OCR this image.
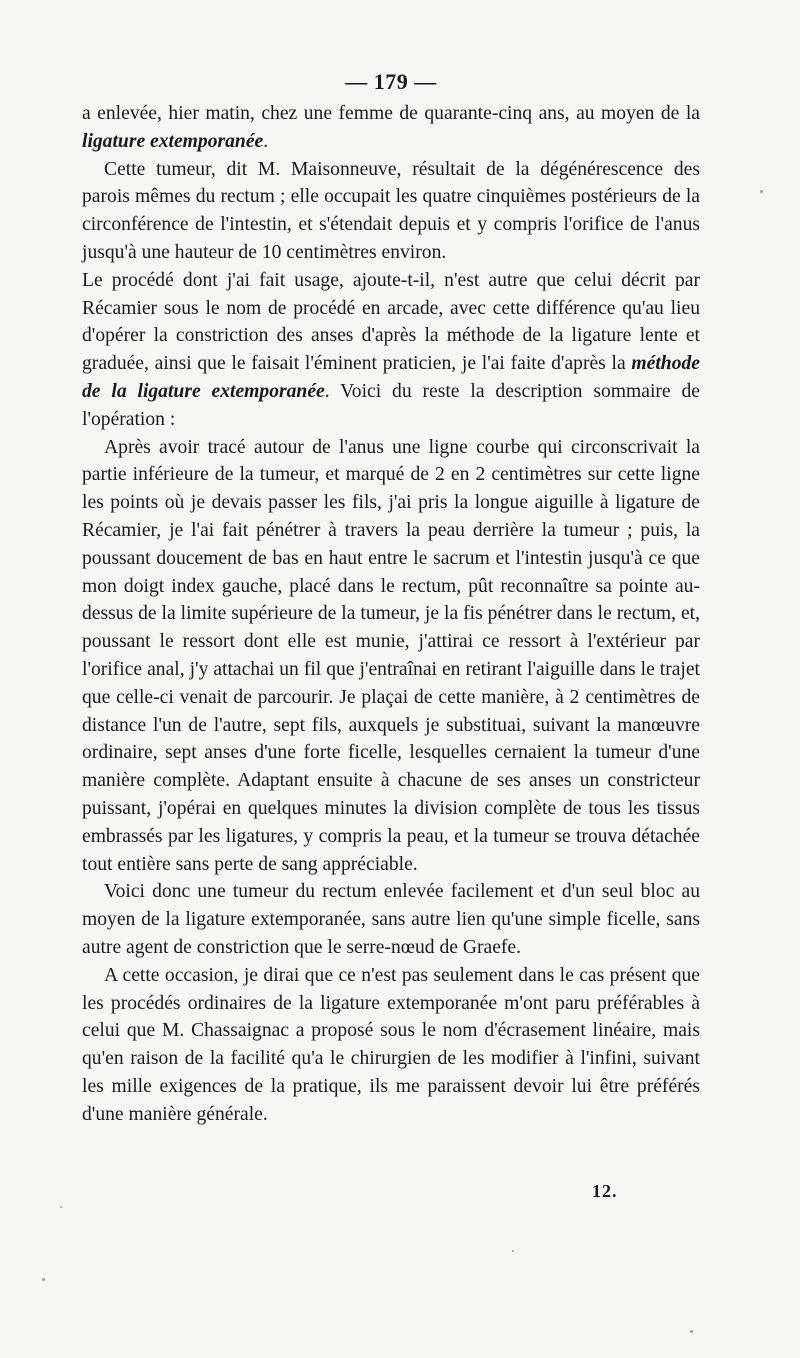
— 179 —

a enlevée, hier matin, chez une femme de quarante-cinq ans, au moyen de la ligature extemporanée.

Cette tumeur, dit M. Maisonneuve, résultait de la dégénérescence des parois mêmes du rectum ; elle occupait les quatre cinquièmes postérieurs de la circonférence de l'intestin, et s'étendait depuis et y compris l'orifice de l'anus jusqu'à une hauteur de 10 centimètres environ.

Le procédé dont j'ai fait usage, ajoute-t-il, n'est autre que celui décrit par Récamier sous le nom de procédé en arcade, avec cette différence qu'au lieu d'opérer la constriction des anses d'après la méthode de la ligature lente et graduée, ainsi que le faisait l'éminent praticien, je l'ai faite d'après la méthode de la ligature extemporanée. Voici du reste la description sommaire de l'opération :

Après avoir tracé autour de l'anus une ligne courbe qui circonscrivait la partie inférieure de la tumeur, et marqué de 2 en 2 centimètres sur cette ligne les points où je devais passer les fils, j'ai pris la longue aiguille à ligature de Récamier, je l'ai fait pénétrer à travers la peau derrière la tumeur ; puis, la poussant doucement de bas en haut entre le sacrum et l'intestin jusqu'à ce que mon doigt index gauche, placé dans le rectum, pût reconnaître sa pointe au-dessus de la limite supérieure de la tumeur, je la fis pénétrer dans le rectum, et, poussant le ressort dont elle est munie, j'attirai ce ressort à l'extérieur par l'orifice anal, j'y attachai un fil que j'entraînai en retirant l'aiguille dans le trajet que celle-ci venait de parcourir. Je plaçai de cette manière, à 2 centimètres de distance l'un de l'autre, sept fils, auxquels je substituai, suivant la manœuvre ordinaire, sept anses d'une forte ficelle, lesquelles cernaient la tumeur d'une manière complète. Adaptant ensuite à chacune de ses anses un constricteur puissant, j'opérai en quelques minutes la division complète de tous les tissus embrassés par les ligatures, y compris la peau, et la tumeur se trouva détachée tout entière sans perte de sang appréciable.

Voici donc une tumeur du rectum enlevée facilement et d'un seul bloc au moyen de la ligature extemporanée, sans autre lien qu'une simple ficelle, sans autre agent de constriction que le serre-nœud de Graefe.

A cette occasion, je dirai que ce n'est pas seulement dans le cas présent que les procédés ordinaires de la ligature extemporanée m'ont paru préférables à celui que M. Chassaignac a proposé sous le nom d'écrasement linéaire, mais qu'en raison de la facilité qu'a le chirurgien de les modifier à l'infini, suivant les mille exigences de la pratique, ils me paraissent devoir lui être préférés d'une manière générale.

12.
